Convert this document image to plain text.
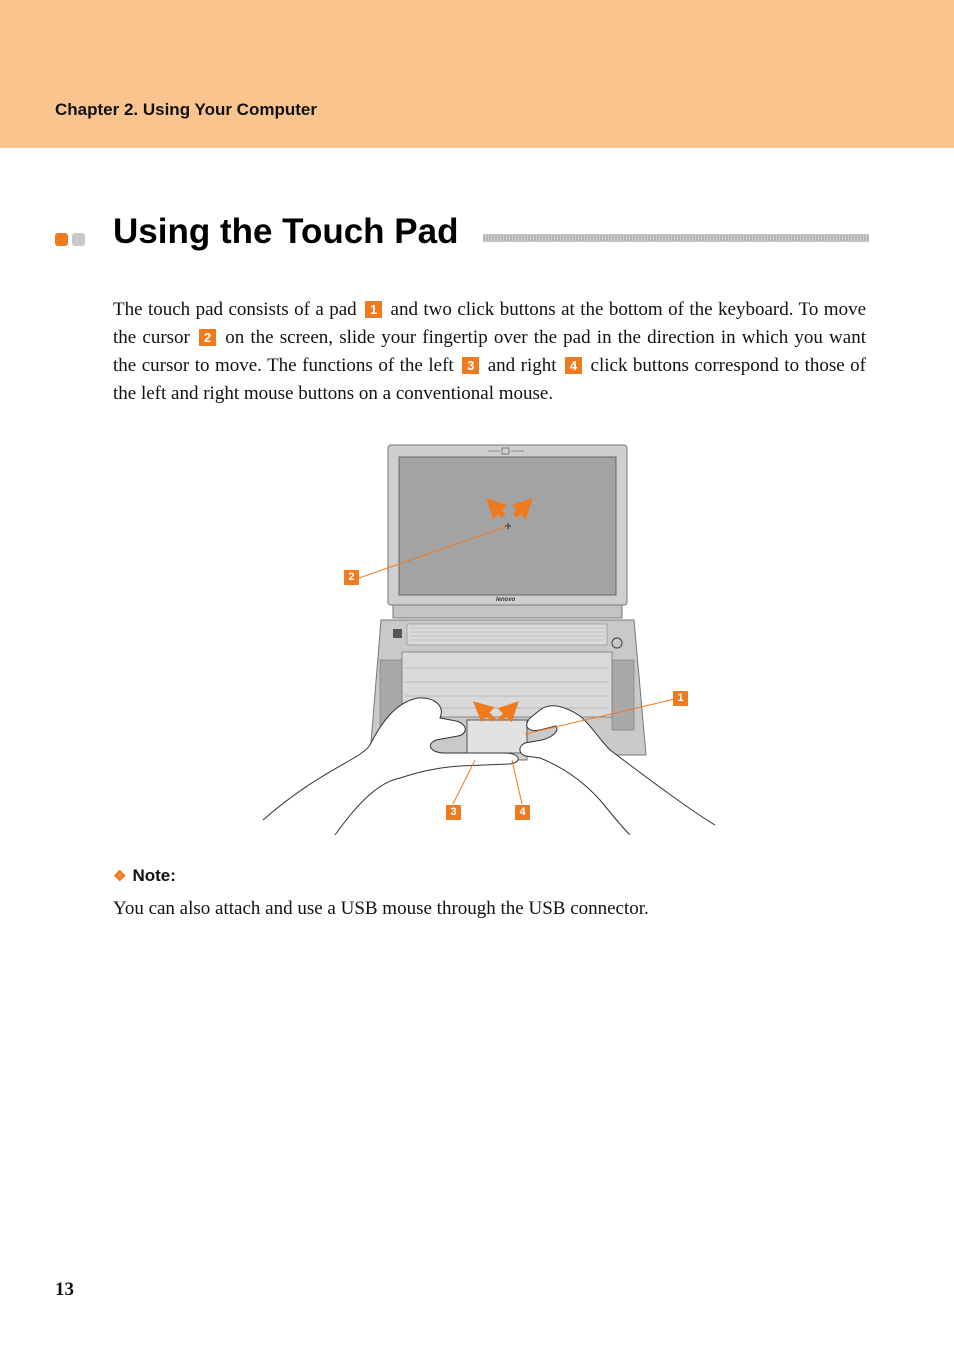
Chapter 2. Using Your Computer
Using the Touch Pad

The touch pad consists of a pad 1 and two click buttons at the bottom of the keyboard. To move the cursor 2 on the screen, slide your fingertip over the pad in the direction in which you want the cursor to move. The functions of the left 3 and right 4 click buttons correspond to those of the left and right mouse buttons on a conventional mouse.

lenovo
2
1
3	4
❖ Note:

You can also attach and use a USB mouse through the USB connector.

13
